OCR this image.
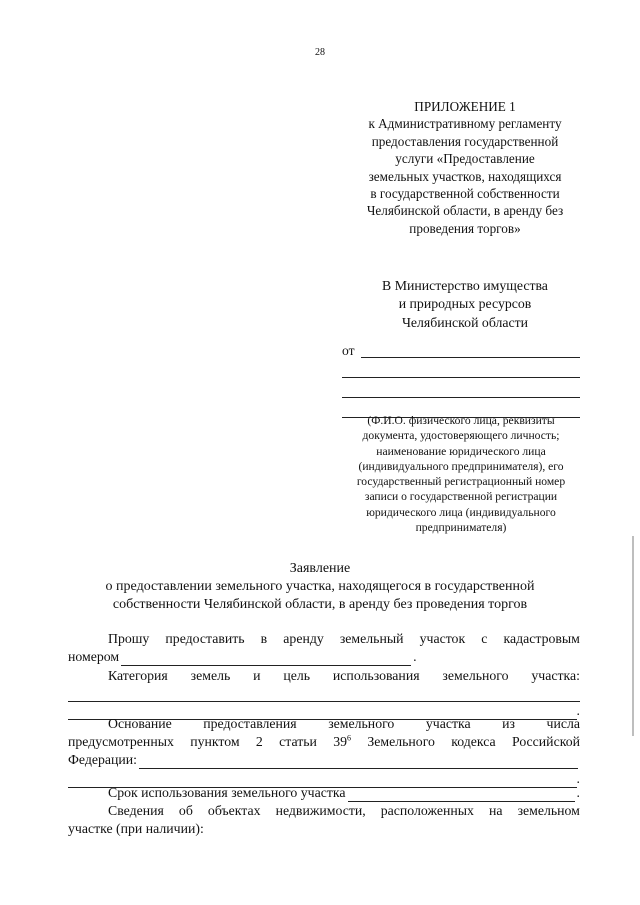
28
ПРИЛОЖЕНИЕ 1
к Административному регламенту
предоставления государственной
услуги «Предоставление
земельных участков, находящихся
в государственной собственности
Челябинской области, в аренду без
проведения торгов»
В Министерство имущества
и природных ресурсов
Челябинской области
от
(Ф.И.О. физического лица, реквизиты
документа, удостоверяющего личность;
наименование юридического лица
(индивидуального предпринимателя), его
государственный регистрационный номер
записи о государственной регистрации
юридического лица (индивидуального
предпринимателя)
Заявление
о предоставлении земельного участка, находящегося в государственной
собственности Челябинской области, в аренду без проведения торгов
Прошу предоставить в аренду земельный участок с кадастровым
номером	.
Категория земель и цель использования земельного участка:
.
Основание предоставления земельного участка из числа
предусмотренных пунктом 2 статьи $39^6$ Земельного кодекса Российской
Федерации:
.
Срок использования земельного участка	.
Сведения об объектах недвижимости, расположенных на земельном
участке (при наличии):
